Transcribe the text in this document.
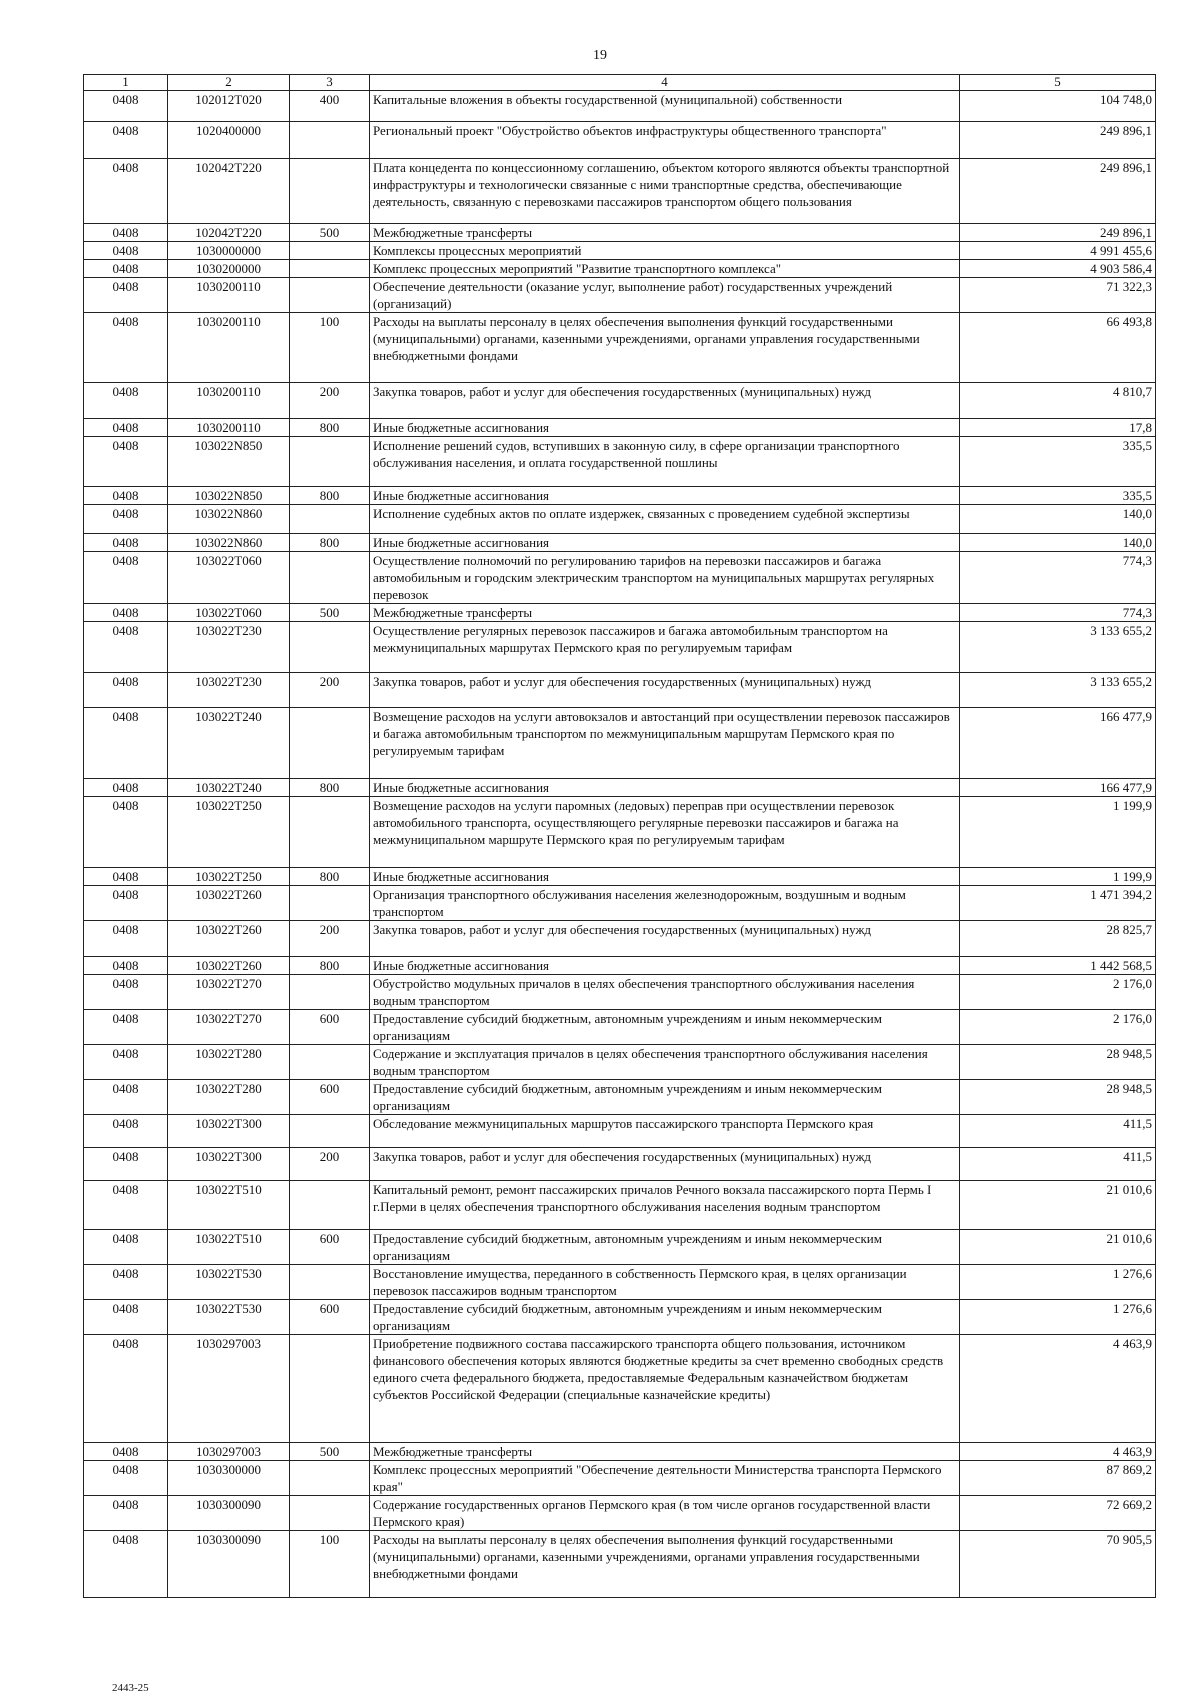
19
1	2	3	4	5
0408	102012Т020	400	Капитальные вложения в объекты государственной (муниципальной) собственности	104 748,0
0408	1020400000		Региональный проект "Обустройство объектов инфраструктуры общественного транспорта"	249 896,1
0408	102042Т220		Плата концедента по концессионному соглашению, объектом которого являются объекты транспортной инфраструктуры и технологически связанные с ними транспортные средства, обеспечивающие деятельность, связанную с перевозками пассажиров транспортом общего пользования	249 896,1
0408	102042Т220	500	Межбюджетные трансферты	249 896,1
0408	1030000000		Комплексы процессных мероприятий	4 991 455,6
0408	1030200000		Комплекс процессных мероприятий "Развитие транспортного комплекса"	4 903 586,4
0408	1030200110		Обеспечение деятельности (оказание услуг, выполнение работ) государственных учреждений (организаций)	71 322,3
0408	1030200110	100	Расходы на выплаты персоналу в целях обеспечения выполнения функций государственными (муниципальными) органами, казенными учреждениями, органами управления государственными внебюджетными фондами	66 493,8
0408	1030200110	200	Закупка товаров, работ и услуг для обеспечения государственных (муниципальных) нужд	4 810,7
0408	1030200110	800	Иные бюджетные ассигнования	17,8
0408	103022N850		Исполнение решений судов, вступивших в законную силу, в сфере организации транспортного обслуживания населения, и оплата государственной пошлины	335,5
0408	103022N850	800	Иные бюджетные ассигнования	335,5
0408	103022N860		Исполнение судебных актов по оплате издержек, связанных с проведением судебной экспертизы	140,0
0408	103022N860	800	Иные бюджетные ассигнования	140,0
0408	103022Т060		Осуществление полномочий по регулированию тарифов на перевозки пассажиров и багажа автомобильным и городским электрическим транспортом на муниципальных маршрутах регулярных перевозок	774,3
0408	103022Т060	500	Межбюджетные трансферты	774,3
0408	103022Т230		Осуществление регулярных перевозок пассажиров и багажа автомобильным транспортом на межмуниципальных маршрутах Пермского края по регулируемым тарифам	3 133 655,2
0408	103022Т230	200	Закупка товаров, работ и услуг для обеспечения государственных (муниципальных) нужд	3 133 655,2
0408	103022Т240		Возмещение расходов на услуги автовокзалов и автостанций при осуществлении перевозок пассажиров и багажа автомобильным транспортом по межмуниципальным маршрутам Пермского края по регулируемым тарифам	166 477,9
0408	103022Т240	800	Иные бюджетные ассигнования	166 477,9
0408	103022Т250		Возмещение расходов на услуги паромных (ледовых) переправ при осуществлении перевозок автомобильного транспорта, осуществляющего регулярные перевозки пассажиров и багажа на межмуниципальном маршруте Пермского края по регулируемым тарифам	1 199,9
0408	103022Т250	800	Иные бюджетные ассигнования	1 199,9
0408	103022Т260		Организация транспортного обслуживания населения железнодорожным, воздушным и водным транспортом	1 471 394,2
0408	103022Т260	200	Закупка товаров, работ и услуг для обеспечения государственных (муниципальных) нужд	28 825,7
0408	103022Т260	800	Иные бюджетные ассигнования	1 442 568,5
0408	103022Т270		Обустройство модульных причалов в целях обеспечения транспортного обслуживания населения водным транспортом	2 176,0
0408	103022Т270	600	Предоставление субсидий бюджетным, автономным учреждениям и иным некоммерческим организациям	2 176,0
0408	103022Т280		Содержание и эксплуатация причалов в целях обеспечения транспортного обслуживания населения водным транспортом	28 948,5
0408	103022Т280	600	Предоставление субсидий бюджетным, автономным учреждениям и иным некоммерческим организациям	28 948,5
0408	103022Т300		Обследование межмуниципальных маршрутов пассажирского транспорта Пермского края	411,5
0408	103022Т300	200	Закупка товаров, работ и услуг для обеспечения государственных (муниципальных) нужд	411,5
0408	103022Т510		Капитальный ремонт, ремонт пассажирских причалов Речного вокзала пассажирского порта Пермь I г.Перми в целях обеспечения транспортного обслуживания населения водным транспортом	21 010,6
0408	103022Т510	600	Предоставление субсидий бюджетным, автономным учреждениям и иным некоммерческим организациям	21 010,6
0408	103022Т530		Восстановление имущества, переданного в собственность Пермского края, в целях организации перевозок пассажиров водным транспортом	1 276,6
0408	103022Т530	600	Предоставление субсидий бюджетным, автономным учреждениям и иным некоммерческим организациям	1 276,6
0408	1030297003		Приобретение подвижного состава пассажирского транспорта общего пользования, источником финансового обеспечения которых являются бюджетные кредиты за счет временно свободных средств единого счета федерального бюджета, предоставляемые Федеральным казначейством бюджетам субъектов Российской Федерации (специальные казначейские кредиты)	4 463,9
0408	1030297003	500	Межбюджетные трансферты	4 463,9
0408	1030300000		Комплекс процессных мероприятий "Обеспечение деятельности Министерства транспорта Пермского края"	87 869,2
0408	1030300090		Содержание государственных органов Пермского края (в том числе органов государственной власти Пермского края)	72 669,2
0408	1030300090	100	Расходы на выплаты персоналу в целях обеспечения выполнения функций государственными (муниципальными) органами, казенными учреждениями, органами управления государственными внебюджетными фондами	70 905,5
2443-25
